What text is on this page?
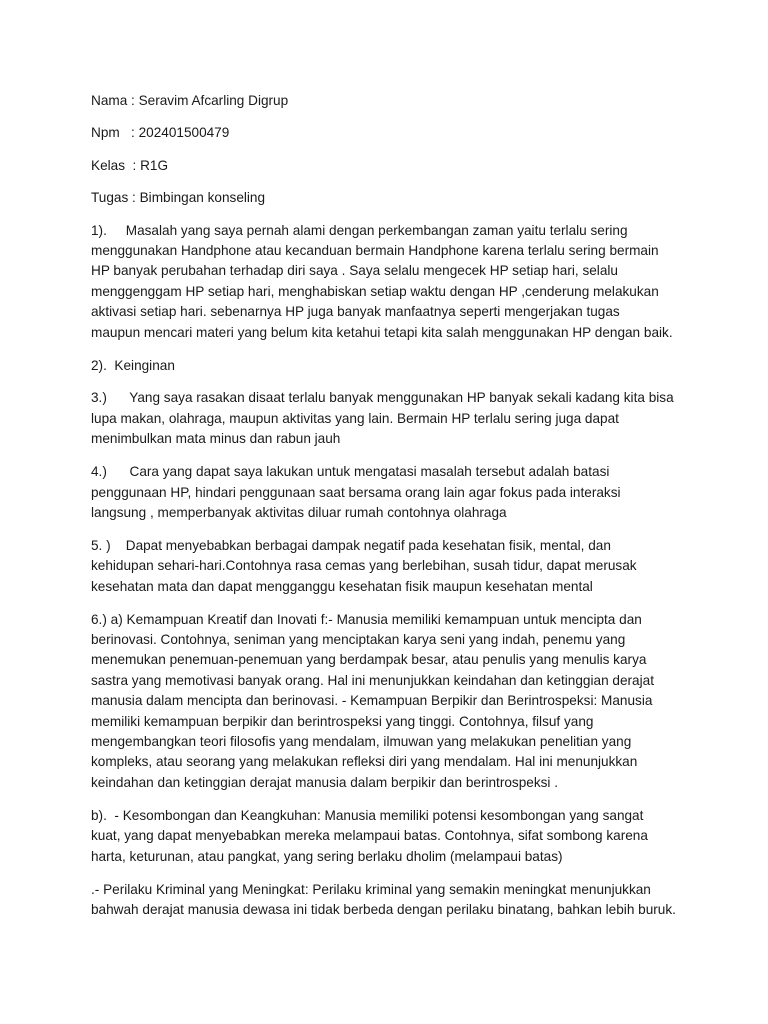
Nama : Seravim Afcarling Digrup

Npm   : 202401500479

Kelas  : R1G

Tugas : Bimbingan konseling

1).     Masalah yang saya pernah alami dengan perkembangan zaman yaitu terlalu sering

menggunakan Handphone atau kecanduan bermain Handphone karena terlalu sering bermain

HP banyak perubahan terhadap diri saya . Saya selalu mengecek HP setiap hari, selalu

menggenggam HP setiap hari, menghabiskan setiap waktu dengan HP ,cenderung melakukan

aktivasi setiap hari. sebenarnya HP juga banyak manfaatnya seperti mengerjakan tugas

maupun mencari materi yang belum kita ketahui tetapi kita salah menggunakan HP dengan baik.

2).  Keinginan

3.)      Yang saya rasakan disaat terlalu banyak menggunakan HP banyak sekali kadang kita bisa

lupa makan, olahraga, maupun aktivitas yang lain. Bermain HP terlalu sering juga dapat

menimbulkan mata minus dan rabun jauh

4.)      Cara yang dapat saya lakukan untuk mengatasi masalah tersebut adalah batasi

penggunaan HP, hindari penggunaan saat bersama orang lain agar fokus pada interaksi

langsung , memperbanyak aktivitas diluar rumah contohnya olahraga

5. )    Dapat menyebabkan berbagai dampak negatif pada kesehatan fisik, mental, dan

kehidupan sehari-hari.Contohnya rasa cemas yang berlebihan, susah tidur, dapat merusak

kesehatan mata dan dapat mengganggu kesehatan fisik maupun kesehatan mental

6.) a) Kemampuan Kreatif dan Inovati f:- Manusia memiliki kemampuan untuk mencipta dan

berinovasi. Contohnya, seniman yang menciptakan karya seni yang indah, penemu yang

menemukan penemuan-penemuan yang berdampak besar, atau penulis yang menulis karya

sastra yang memotivasi banyak orang. Hal ini menunjukkan keindahan dan ketinggian derajat

manusia dalam mencipta dan berinovasi. - Kemampuan Berpikir dan Berintrospeksi: Manusia

memiliki kemampuan berpikir dan berintrospeksi yang tinggi. Contohnya, filsuf yang

mengembangkan teori filosofis yang mendalam, ilmuwan yang melakukan penelitian yang

kompleks, atau seorang yang melakukan refleksi diri yang mendalam. Hal ini menunjukkan

keindahan dan ketinggian derajat manusia dalam berpikir dan berintrospeksi .

b).  - Kesombongan dan Keangkuhan: Manusia memiliki potensi kesombongan yang sangat

kuat, yang dapat menyebabkan mereka melampaui batas. Contohnya, sifat sombong karena

harta, keturunan, atau pangkat, yang sering berlaku dholim (melampaui batas)

.- Perilaku Kriminal yang Meningkat: Perilaku kriminal yang semakin meningkat menunjukkan

bahwah derajat manusia dewasa ini tidak berbeda dengan perilaku binatang, bahkan lebih buruk.
